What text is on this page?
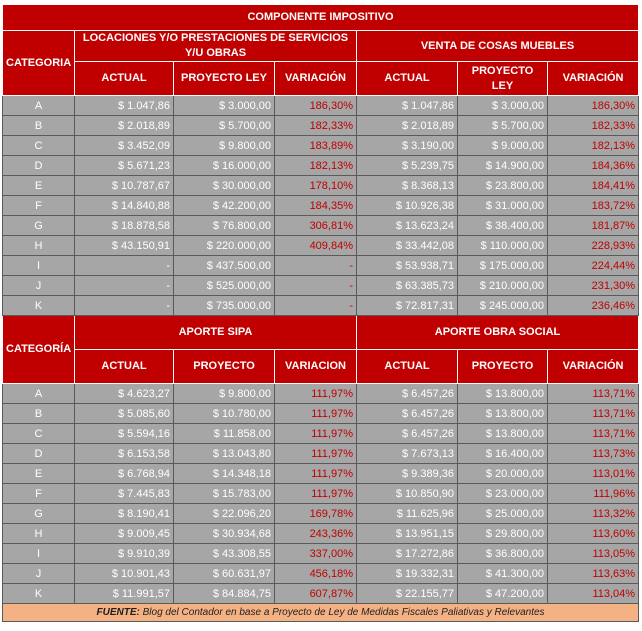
COMPONENTE IMPOSITIVO						
CATEGORIA	LOCACIONES Y/O PRESTACIONES DE SERVICIOS Y/U OBRAS			VENTA DE COSAS MUEBLES		
	ACTUAL	PROYECTO LEY	VARIACIÓN	ACTUAL	PROYECTO LEY	VARIACIÓN
A	$ 1.047,86	$ 3.000,00	186,30%	$ 1.047,86	$ 3.000,00	186,30%
B	$ 2.018,89	$ 5.700,00	182,33%	$ 2.018,89	$ 5.700,00	182,33%
C	$ 3.452,09	$ 9.800,00	183,89%	$ 3.190,00	$ 9.000,00	182,13%
D	$ 5.671,23	$ 16.000,00	182,13%	$ 5.239,75	$ 14.900,00	184,36%
E	$ 10.787,67	$ 30.000,00	178,10%	$ 8.368,13	$ 23.800,00	184,41%
F	$ 14.840,88	$ 42.200,00	184,35%	$ 10.926,38	$ 31.000,00	183,72%
G	$ 18.878,58	$ 76.800,00	306,81%	$ 13.623,24	$ 38.400,00	181,87%
H	$ 43.150,91	$ 220.000,00	409,84%	$ 33.442,08	$ 110.000,00	228,93%
I	-	$ 437.500,00	-	$ 53.938,71	$ 175.000,00	224,44%
J	-	$ 525.000,00	-	$ 63.385,73	$ 210.000,00	231,30%
K	-	$ 735.000,00	-	$ 72.817,31	$ 245.000,00	236,46%
CATEGORÍA	APORTE SIPA			APORTE OBRA SOCIAL		
	ACTUAL	PROYECTO	VARIACION	ACTUAL	PROYECTO	VARIACIÓN
A	$ 4.623,27	$ 9.800,00	111,97%	$ 6.457,26	$ 13.800,00	113,71%
B	$ 5.085,60	$ 10.780,00	111,97%	$ 6.457,26	$ 13.800,00	113,71%
C	$ 5.594,16	$ 11.858,00	111,97%	$ 6.457,26	$ 13.800,00	113,71%
D	$ 6.153,58	$ 13.043,80	111,97%	$ 7.673,13	$ 16.400,00	113,73%
E	$ 6.768,94	$ 14.348,18	111,97%	$ 9.389,36	$ 20.000,00	113,01%
F	$ 7.445,83	$ 15.783,00	111,97%	$ 10.850,90	$ 23.000,00	111,96%
G	$ 8.190,41	$ 22.096,20	169,78%	$ 11.625,96	$ 25.000,00	113,32%
H	$ 9.009,45	$ 30.934,68	243,36%	$ 13.951,15	$ 29.800,00	113,60%
I	$ 9.910,39	$ 43.308,55	337,00%	$ 17.272,86	$ 36.800,00	113,05%
J	$ 10.901,43	$ 60.631,97	456,18%	$ 19.332,31	$ 41.300,00	113,63%
K	$ 11.991,57	$ 84.884,75	607,87%	$ 22.155,77	$ 47.200,00	113,04%
FUENTE: Blog del Contador en base a Proyecto de Ley de Medidas Fiscales Paliativas y Relevantes						
